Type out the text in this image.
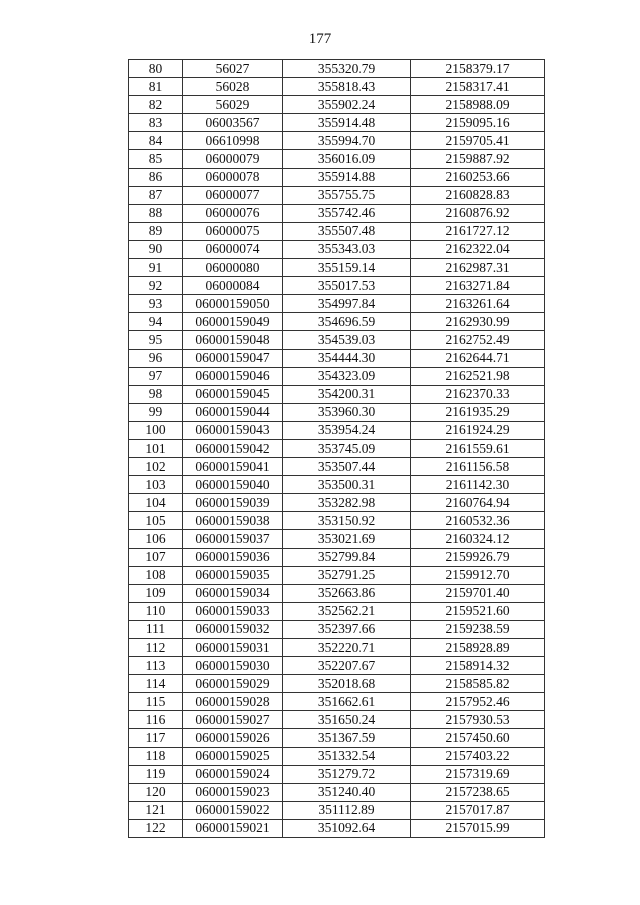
177
80	56027	355320.79	2158379.17
81	56028	355818.43	2158317.41
82	56029	355902.24	2158988.09
83	06003567	355914.48	2159095.16
84	06610998	355994.70	2159705.41
85	06000079	356016.09	2159887.92
86	06000078	355914.88	2160253.66
87	06000077	355755.75	2160828.83
88	06000076	355742.46	2160876.92
89	06000075	355507.48	2161727.12
90	06000074	355343.03	2162322.04
91	06000080	355159.14	2162987.31
92	06000084	355017.53	2163271.84
93	06000159050	354997.84	2163261.64
94	06000159049	354696.59	2162930.99
95	06000159048	354539.03	2162752.49
96	06000159047	354444.30	2162644.71
97	06000159046	354323.09	2162521.98
98	06000159045	354200.31	2162370.33
99	06000159044	353960.30	2161935.29
100	06000159043	353954.24	2161924.29
101	06000159042	353745.09	2161559.61
102	06000159041	353507.44	2161156.58
103	06000159040	353500.31	2161142.30
104	06000159039	353282.98	2160764.94
105	06000159038	353150.92	2160532.36
106	06000159037	353021.69	2160324.12
107	06000159036	352799.84	2159926.79
108	06000159035	352791.25	2159912.70
109	06000159034	352663.86	2159701.40
110	06000159033	352562.21	2159521.60
111	06000159032	352397.66	2159238.59
112	06000159031	352220.71	2158928.89
113	06000159030	352207.67	2158914.32
114	06000159029	352018.68	2158585.82
115	06000159028	351662.61	2157952.46
116	06000159027	351650.24	2157930.53
117	06000159026	351367.59	2157450.60
118	06000159025	351332.54	2157403.22
119	06000159024	351279.72	2157319.69
120	06000159023	351240.40	2157238.65
121	06000159022	351112.89	2157017.87
122	06000159021	351092.64	2157015.99
